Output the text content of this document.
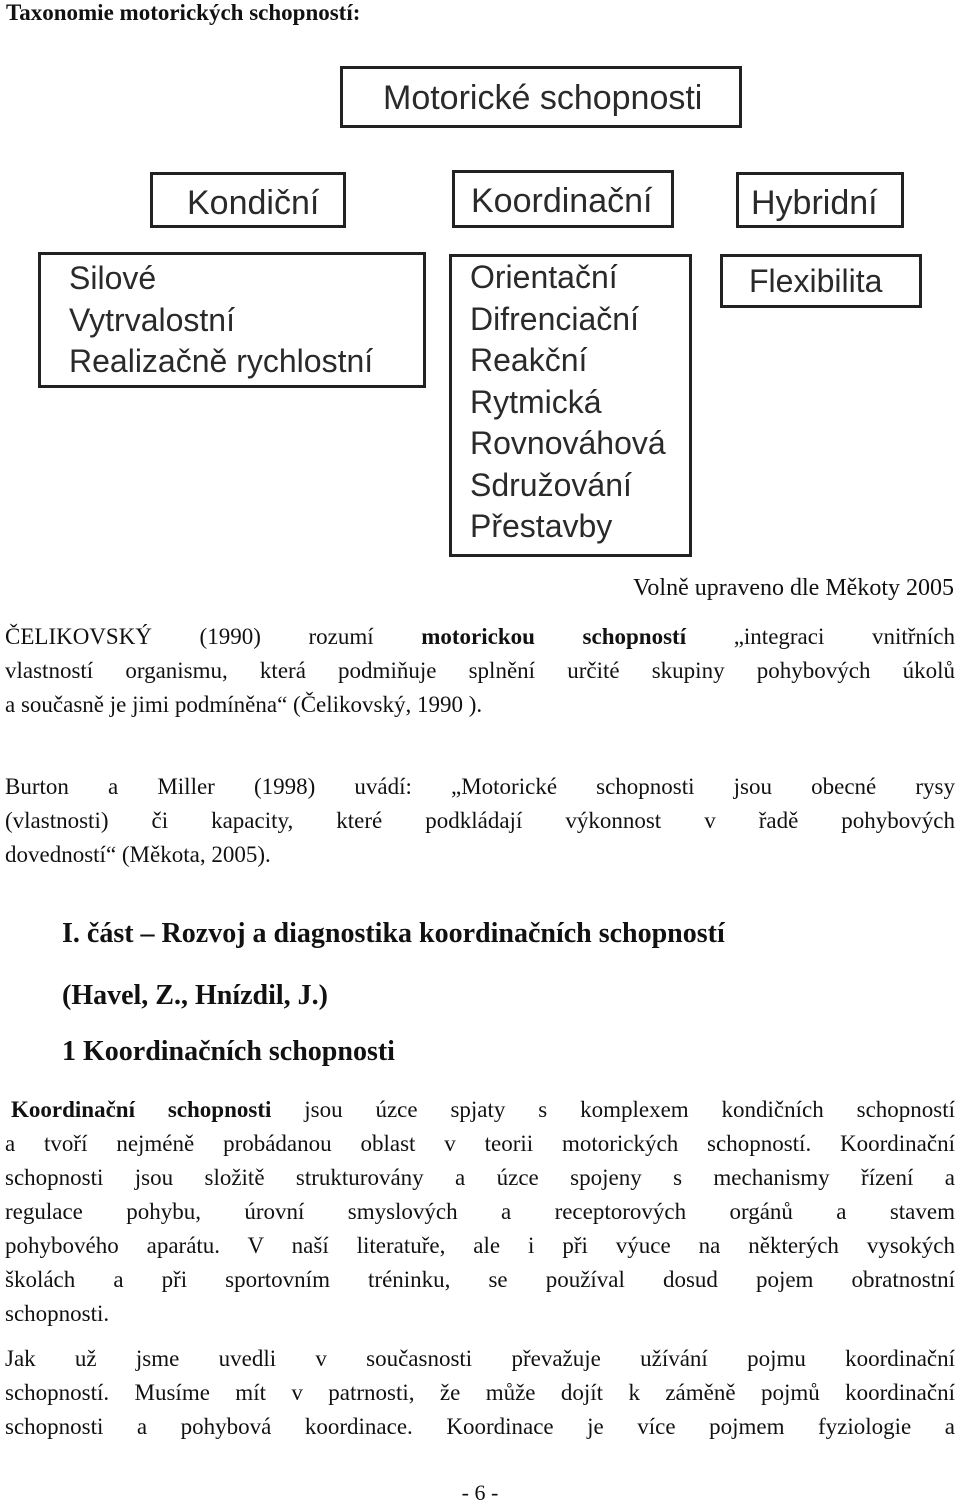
Taxonomie motorických schopností:
Motorické schopnosti
Kondiční	Koordinační	Hybridní
Silové
Vytrvalostní
Realizačně rychlostní
Orientační
Difrenciační
Reakční
Rytmická
Rovnováhová
Sdružování
Přestavby
Flexibilita
Volně upraveno dle Měkoty 2005
ČELIKOVSKÝ (1990) rozumí motorickou schopností „integraci vnitřních
vlastností organismu, která podmiňuje splnění určité skupiny pohybových úkolů
a současně je jimi podmíněna“ (Čelikovský, 1990 ).
Burton a Miller (1998) uvádí: „Motorické schopnosti jsou obecné rysy
(vlastnosti) či kapacity, které podkládají výkonnost v řadě pohybových
dovedností“ (Měkota, 2005).
I. část – Rozvoj a diagnostika koordinačních schopností
(Havel, Z., Hnízdil, J.)
1 Koordinačních schopnosti
Koordinační schopnosti jsou úzce spjaty s komplexem kondičních schopností
a tvoří nejméně probádanou oblast v teorii motorických schopností. Koordinační
schopnosti jsou složitě strukturovány a úzce spojeny s mechanismy řízení a
regulace pohybu, úrovní smyslových a receptorových orgánů a stavem
pohybového aparátu. V naší literatuře, ale i při výuce na některých vysokých
školách a při sportovním tréninku, se používal dosud pojem obratnostní
schopnosti.
Jak už jsme uvedli v současnosti převažuje užívání pojmu koordinační
schopností. Musíme mít v patrnosti, že může dojít k záměně pojmů koordinační
schopnosti a pohybová koordinace. Koordinace je více pojmem fyziologie a
- 6 -
